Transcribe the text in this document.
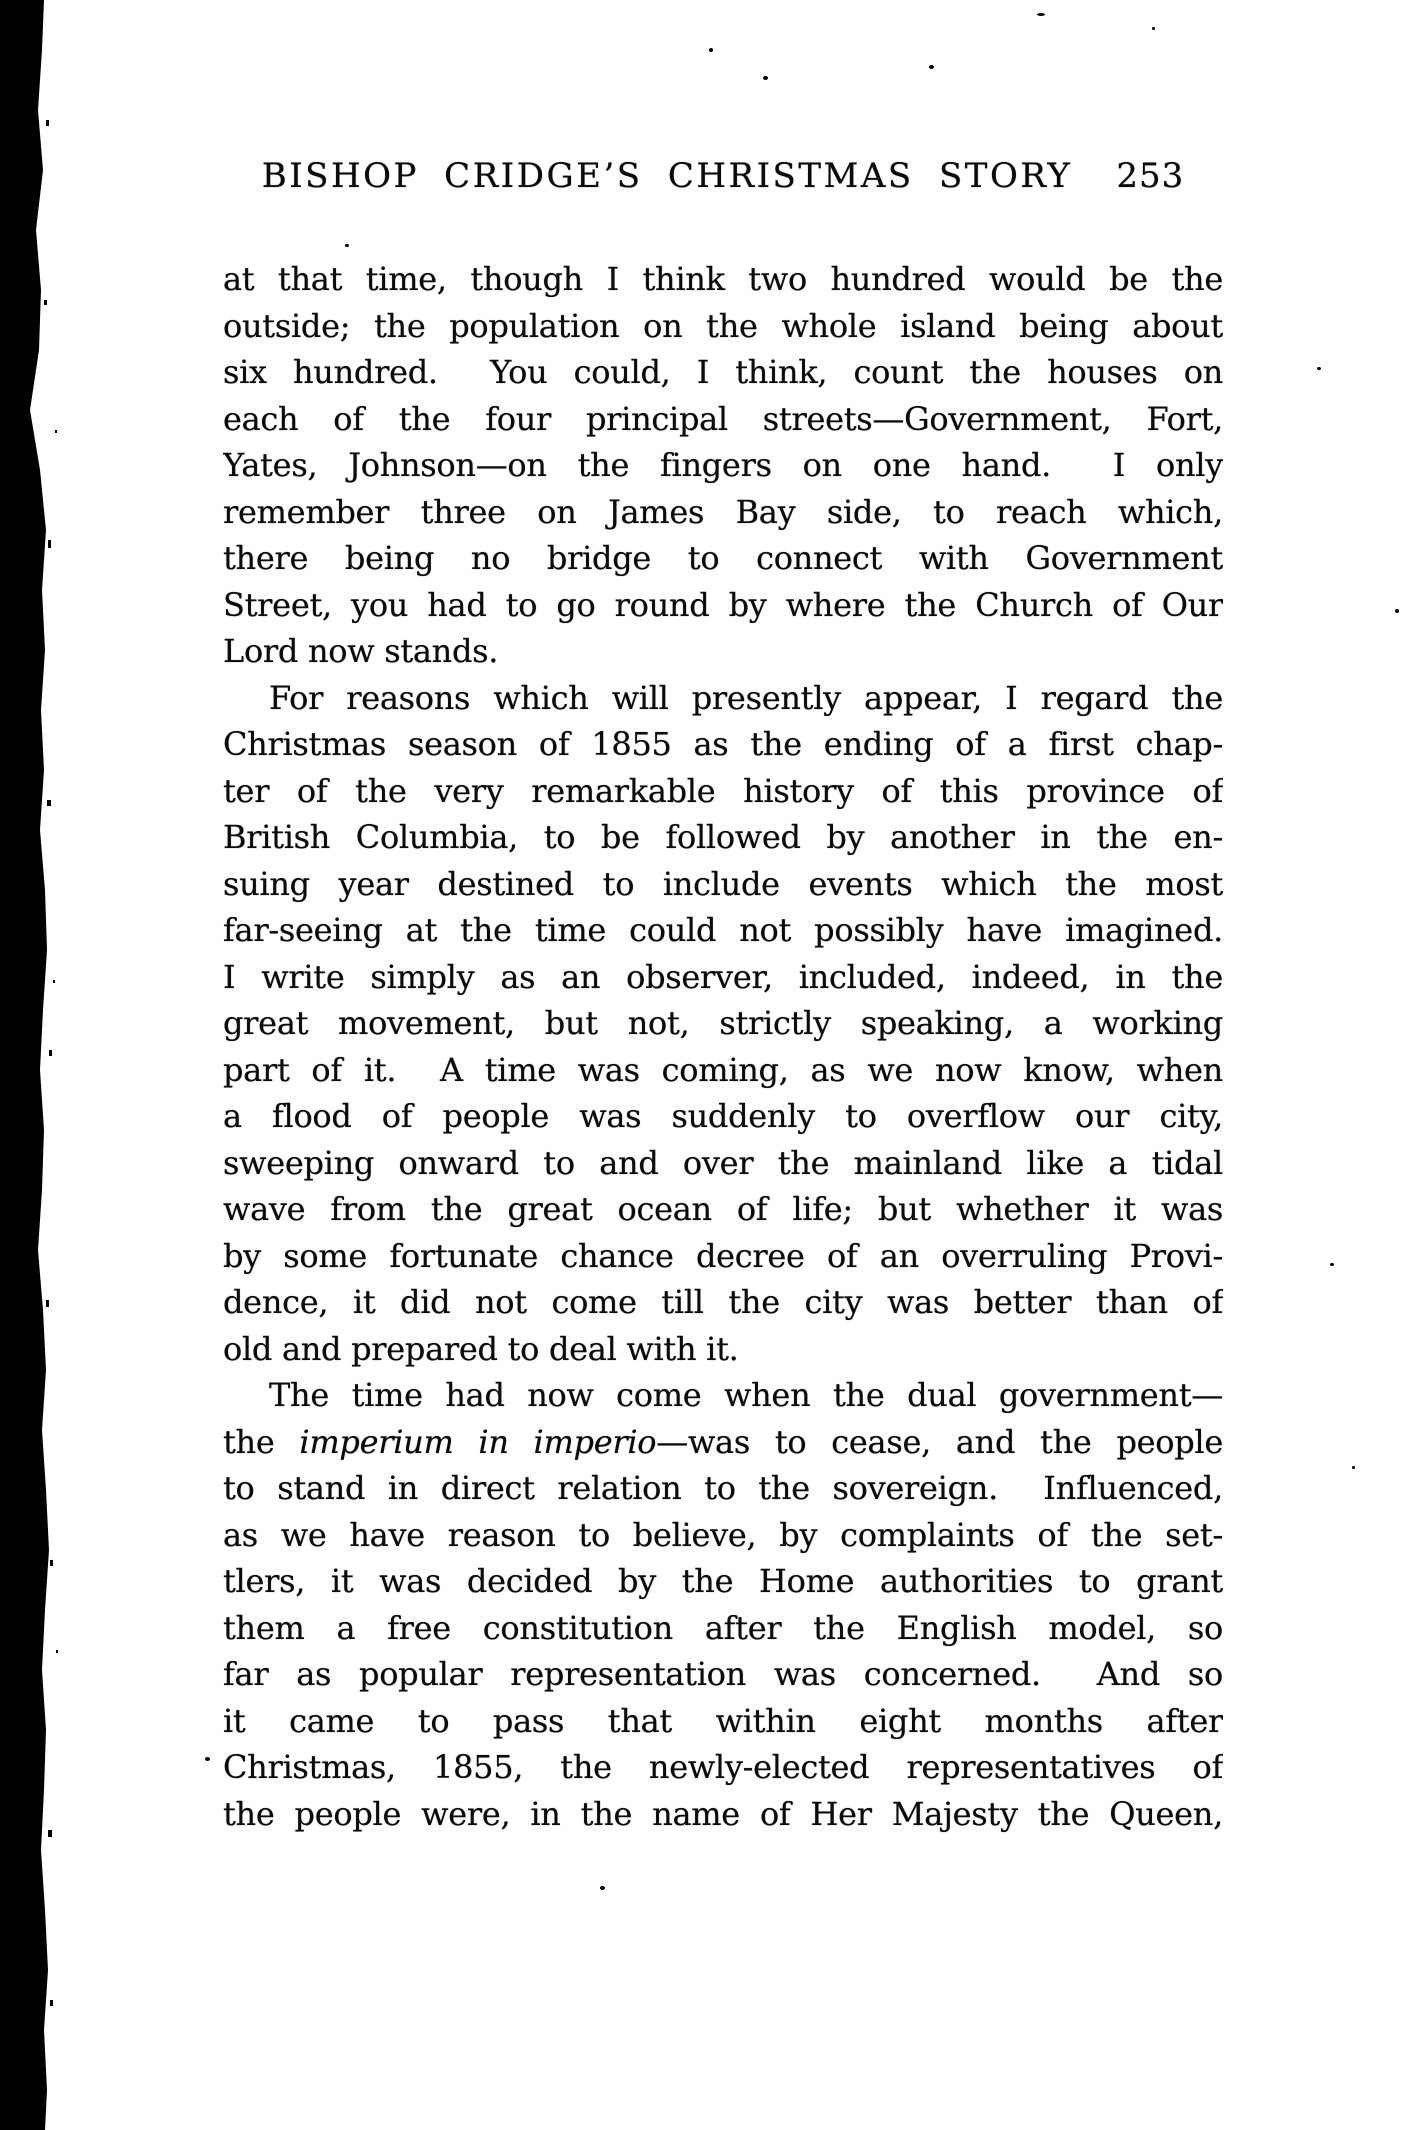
BISHOP CRIDGE’S CHRISTMAS STORY 253
at that time, though I think two hundred would be the
outside; the population on the whole island being about
six hundred.  You could, I think, count the houses on
each of the four principal streets—Government, Fort,
Yates, Johnson—on the fingers on one hand.  I only
remember three on James Bay side, to reach which,
there being no bridge to connect with Government
Street, you had to go round by where the Church of Our
Lord now stands.
For reasons which will presently appear, I regard the
Christmas season of 1855 as the ending of a first chap-
ter of the very remarkable history of this province of
British Columbia, to be followed by another in the en-
suing year destined to include events which the most
far-seeing at the time could not possibly have imagined.
I write simply as an observer, included, indeed, in the
great movement, but not, strictly speaking, a working
part of it.  A time was coming, as we now know, when
a flood of people was suddenly to overflow our city,
sweeping onward to and over the mainland like a tidal
wave from the great ocean of life; but whether it was
by some fortunate chance decree of an overruling Provi-
dence, it did not come till the city was better than of
old and prepared to deal with it.
The time had now come when the dual government—
the imperium in imperio—was to cease, and the people
to stand in direct relation to the sovereign.  Influenced,
as we have reason to believe, by complaints of the set-
tlers, it was decided by the Home authorities to grant
them a free constitution after the English model, so
far as popular representation was concerned.  And so
it came to pass that within eight months after
Christmas, 1855, the newly-elected representatives of
the people were, in the name of Her Majesty the Queen,
